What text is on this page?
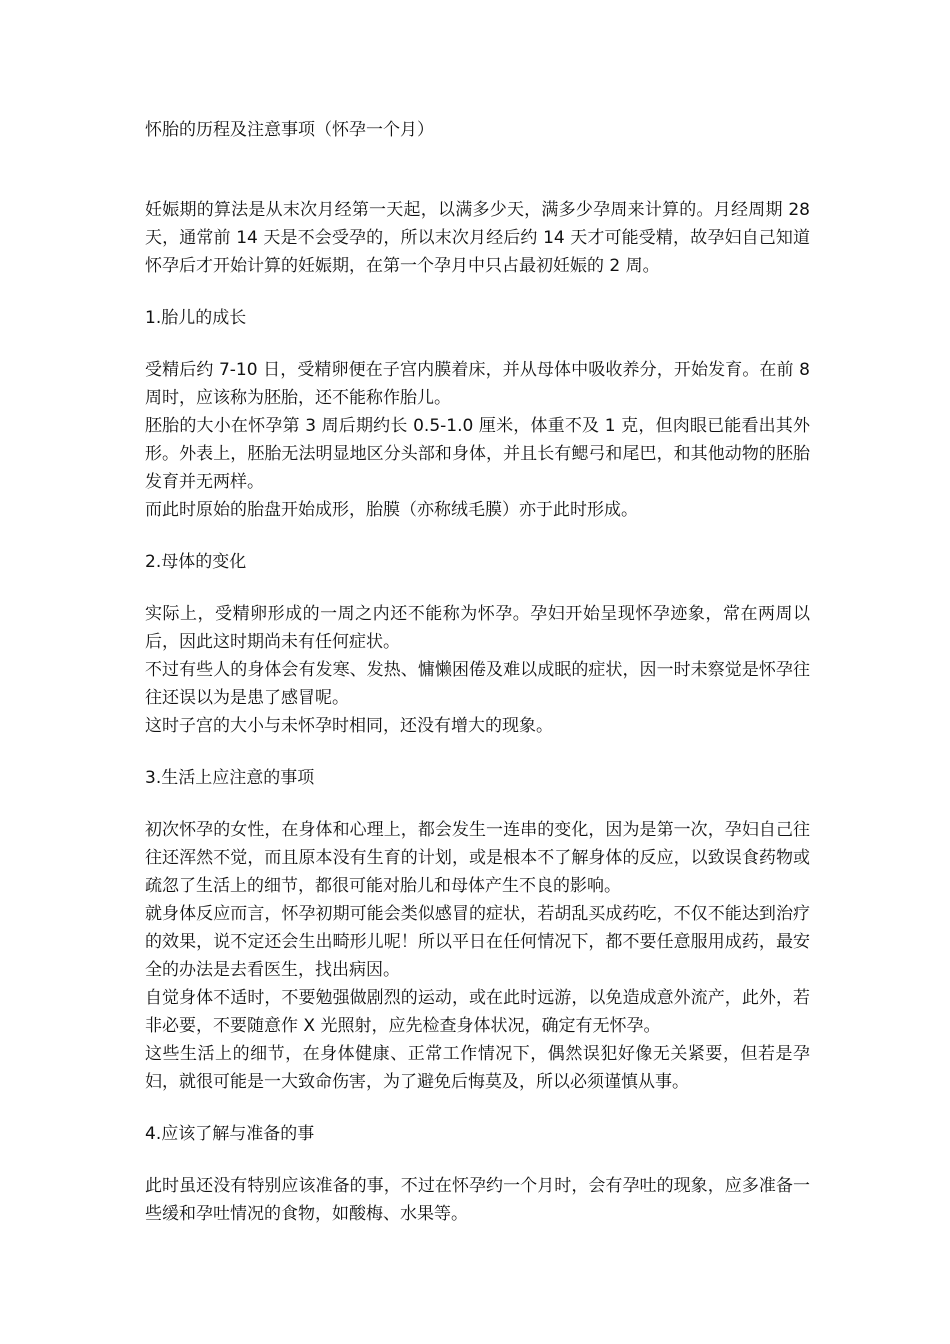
怀胎的历程及注意事项（怀孕一个月）

妊娠期的算法是从末次月经第一天起，以满多少天，满多少孕周来计算的。月经周期 28 天，通常前 14 天是不会受孕的，所以末次月经后约 14 天才可能受精，故孕妇自己知道怀孕后才开始计算的妊娠期，在第一个孕月中只占最初妊娠的 2 周。

1.胎儿的成长

受精后约 7-10 日，受精卵便在子宫内膜着床，并从母体中吸收养分，开始发育。在前 8 周时，应该称为胚胎，还不能称作胎儿。

胚胎的大小在怀孕第 3 周后期约长 0.5-1.0 厘米，体重不及 1 克，但肉眼已能看出其外形。外表上，胚胎无法明显地区分头部和身体，并且长有鳃弓和尾巴，和其他动物的胚胎发育并无两样。

而此时原始的胎盘开始成形，胎膜（亦称绒毛膜）亦于此时形成。

2.母体的变化

实际上，受精卵形成的一周之内还不能称为怀孕。孕妇开始呈现怀孕迹象，常在两周以后，因此这时期尚未有任何症状。

不过有些人的身体会有发寒、发热、慵懒困倦及难以成眠的症状，因一时未察觉是怀孕往往还误以为是患了感冒呢。

这时子宫的大小与未怀孕时相同，还没有增大的现象。

3.生活上应注意的事项

初次怀孕的女性，在身体和心理上，都会发生一连串的变化，因为是第一次，孕妇自己往往还浑然不觉，而且原本没有生育的计划，或是根本不了解身体的反应，以致误食药物或疏忽了生活上的细节，都很可能对胎儿和母体产生不良的影响。

就身体反应而言，怀孕初期可能会类似感冒的症状，若胡乱买成药吃，不仅不能达到治疗的效果，说不定还会生出畸形儿呢！所以平日在任何情况下，都不要任意服用成药，最安全的办法是去看医生，找出病因。

自觉身体不适时，不要勉强做剧烈的运动，或在此时远游，以免造成意外流产，此外，若非必要，不要随意作 X 光照射，应先检查身体状况，确定有无怀孕。

这些生活上的细节，在身体健康、正常工作情况下，偶然误犯好像无关紧要，但若是孕妇，就很可能是一大致命伤害，为了避免后悔莫及，所以必须谨慎从事。

4.应该了解与准备的事

此时虽还没有特别应该准备的事，不过在怀孕约一个月时，会有孕吐的现象，应多准备一些缓和孕吐情况的食物，如酸梅、水果等。
